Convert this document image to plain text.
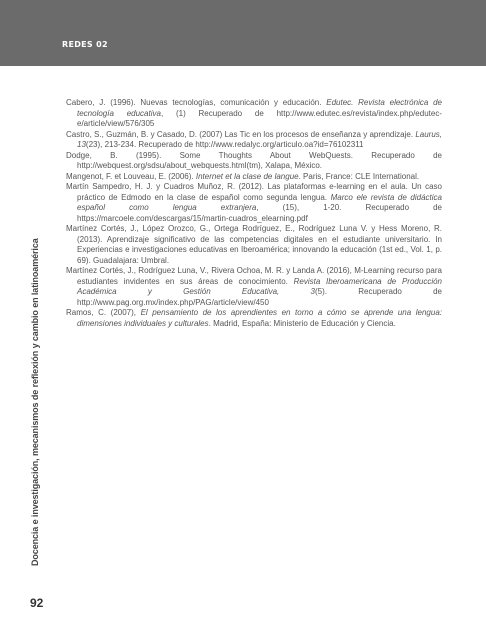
REDES 02
Docencia e investigación, mecanismos de reflexión y cambio en latinoamérica

Cabero, J. (1996). Nuevas tecnologías, comunicación y educación. Edutec. Revista electrónica de tecnología educativa, (1) Recuperado de http://www.edutec.es/revista/index.php/edutec-e/article/view/576/305

Castro, S., Guzmán, B. y Casado, D. (2007) Las Tic en los procesos de enseñanza y aprendizaje. Laurus, 13(23), 213-234. Recuperado de http://www.redalyc.org/articulo.oa?id=76102311

Dodge, B. (1995). Some Thoughts About WebQuests. Recuperado de http://webquest.org/sdsu/about_webquests.html(tm), Xalapa, México.

Mangenot, F. et Louveau, E. (2006). Internet et la clase de langue. Paris, France: CLE International.

Martín Sampedro, H. J. y Cuadros Muñoz, R. (2012). Las plataformas e-learning en el aula. Un caso práctico de Edmodo en la clase de español como segunda lengua. Marco ele revista de didáctica español como lengua extranjera, (15), 1-20. Recuperado de https://marcoele.com/descargas/15/martin-cuadros_elearning.pdf

Martínez Cortés, J., López Orozco, G., Ortega Rodríguez, E., Rodríguez Luna V. y Hess Moreno, R. (2013). Aprendizaje significativo de las competencias digitales en el estudiante universitario. In Experiencias e investigaciones educativas en Iberoamérica; innovando la educación (1st ed., Vol. 1, p. 69). Guadalajara: Umbral.

Martínez Cortés, J., Rodríguez Luna, V., Rivera Ochoa, M. R. y Landa A. (2016), M-Learning recurso para estudiantes invidentes en sus áreas de conocimiento. Revista Iberoamericana de Producción Académica y Gestión Educativa, 3(5). Recuperado de http://www.pag.org.mx/index.php/PAG/article/view/450

Ramos, C. (2007), El pensamiento de los aprendientes en torno a cómo se aprende una lengua: dimensiones individuales y culturales. Madrid, España: Ministerio de Educación y Ciencia.

92
